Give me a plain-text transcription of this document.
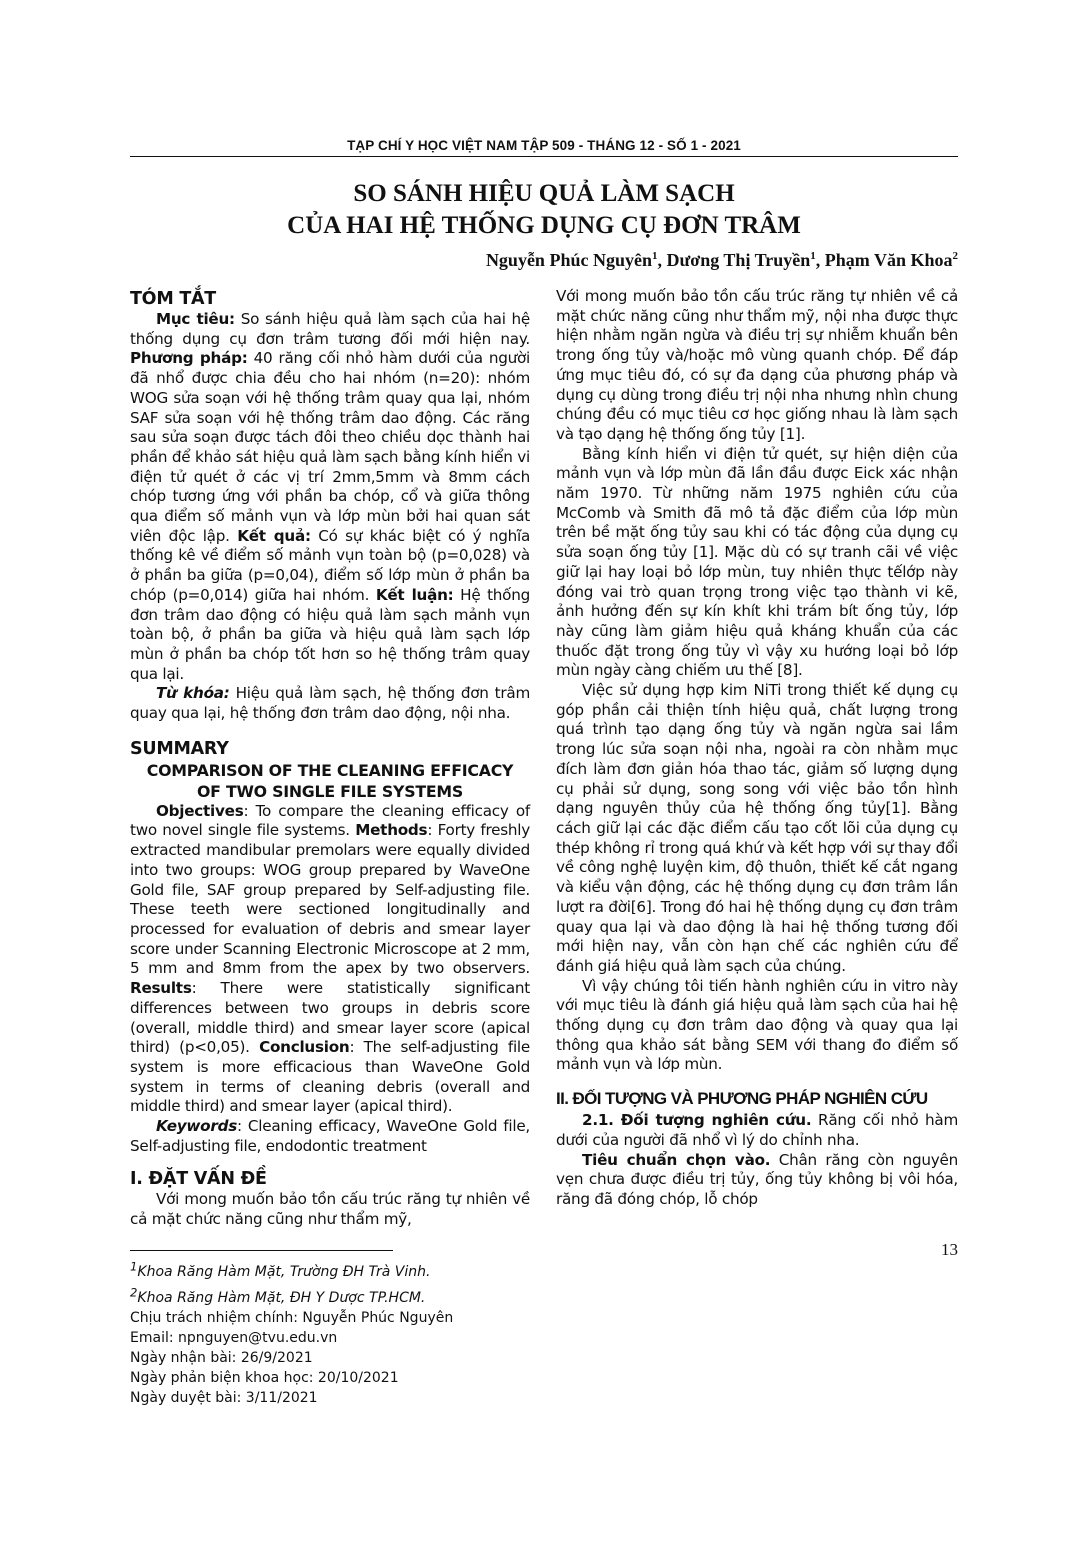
TẠP CHÍ Y HỌC VIỆT NAM TẬP 509 - THÁNG 12 - SỐ 1 - 2021
SO SÁNH HIỆU QUẢ LÀM SẠCH
CỦA HAI HỆ THỐNG DỤNG CỤ ĐƠN TRÂM
Nguyễn Phúc Nguyên$^1$, Dương Thị Truyền$^1$, Phạm Văn Khoa$^2$
TÓM TẮT

Mục tiêu: So sánh hiệu quả làm sạch của hai hệ thống dụng cụ đơn trâm tương đối mới hiện nay. Phương pháp: 40 răng cối nhỏ hàm dưới của người đã nhổ được chia đều cho hai nhóm (n=20): nhóm WOG sửa soạn với hệ thống trâm quay qua lại, nhóm SAF sửa soạn với hệ thống trâm dao động. Các răng sau sửa soạn được tách đôi theo chiều dọc thành hai phần để khảo sát hiệu quả làm sạch bằng kính hiển vi điện tử quét ở các vị trí 2mm,5mm và 8mm cách chóp tương ứng với phần ba chóp, cổ và giữa thông qua điểm số mảnh vụn và lớp mùn bởi hai quan sát viên độc lập. Kết quả: Có sự khác biệt có ý nghĩa thống kê về điểm số mảnh vụn toàn bộ (p=0,028) và ở phần ba giữa (p=0,04), điểm số lớp mùn ở phần ba chóp (p=0,014) giữa hai nhóm. Kết luận: Hệ thống đơn trâm dao động có hiệu quả làm sạch mảnh vụn toàn bộ, ở phần ba giữa và hiệu quả làm sạch lớp mùn ở phần ba chóp tốt hơn so hệ thống trâm quay qua lại.

Từ khóa: Hiệu quả làm sạch, hệ thống đơn trâm quay qua lại, hệ thống đơn trâm dao động, nội nha.

SUMMARY
COMPARISON OF THE CLEANING EFFICACY
OF TWO SINGLE FILE SYSTEMS

Objectives: To compare the cleaning efficacy of two novel single file systems. Methods: Forty freshly extracted mandibular premolars were equally divided into two groups: WOG group prepared by WaveOne Gold file, SAF group prepared by Self-adjusting file. These teeth were sectioned longitudinally and processed for evaluation of debris and smear layer score under Scanning Electronic Microscope at 2 mm, 5 mm and 8mm from the apex by two observers. Results: There were statistically significant differences between two groups in debris score (overall, middle third) and smear layer score (apical third) (p<0,05). Conclusion: The self-adjusting file system is more efficacious than WaveOne Gold system in terms of cleaning debris (overall and middle third) and smear layer (apical third).

Keywords: Cleaning efficacy, WaveOne Gold file, Self-adjusting file, endodontic treatment

I. ĐẶT VẤN ĐỀ

Với mong muốn bảo tồn cấu trúc răng tự nhiên về cả mặt chức năng cũng như thẩm mỹ,

$^1$Khoa Răng Hàm Mặt, Trường ĐH Trà Vinh.
$^2$Khoa Răng Hàm Mặt, ĐH Y Dược TP.HCM.
Chịu trách nhiệm chính: Nguyễn Phúc Nguyên
Email: npnguyen@tvu.edu.vn
Ngày nhận bài: 26/9/2021
Ngày phản biện khoa học: 20/10/2021
Ngày duyệt bài: 3/11/2021

Với mong muốn bảo tồn cấu trúc răng tự nhiên về cả mặt chức năng cũng như thẩm mỹ, nội nha được thực hiện nhằm ngăn ngừa và điều trị sự nhiễm khuẩn bên trong ống tủy và/hoặc mô vùng quanh chóp. Để đáp ứng mục tiêu đó, có sự đa dạng của phương pháp và dụng cụ dùng trong điều trị nội nha nhưng nhìn chung chúng đều có mục tiêu cơ học giống nhau là làm sạch và tạo dạng hệ thống ống tủy [1].

Bằng kính hiển vi điện tử quét, sự hiện diện của mảnh vụn và lớp mùn đã lần đầu được Eick xác nhận năm 1970. Từ những năm 1975 nghiên cứu của McComb và Smith đã mô tả đặc điểm của lớp mùn trên bề mặt ống tủy sau khi có tác động của dụng cụ sửa soạn ống tủy [1]. Mặc dù có sự tranh cãi về việc giữ lại hay loại bỏ lớp mùn, tuy nhiên thực tếlớp này đóng vai trò quan trọng trong việc tạo thành vi kẽ, ảnh hưởng đến sự kín khít khi trám bít ống tủy, lớp này cũng làm giảm hiệu quả kháng khuẩn của các thuốc đặt trong ống tủy vì vậy xu hướng loại bỏ lớp mùn ngày càng chiếm ưu thế [8].

Việc sử dụng hợp kim NiTi trong thiết kế dụng cụ góp phần cải thiện tính hiệu quả, chất lượng trong quá trình tạo dạng ống tủy và ngăn ngừa sai lầm trong lúc sửa soạn nội nha, ngoài ra còn nhằm mục đích làm đơn giản hóa thao tác, giảm số lượng dụng cụ phải sử dụng, song song với việc bảo tồn hình dạng nguyên thủy của hệ thống ống tủy[1]. Bằng cách giữ lại các đặc điểm cấu tạo cốt lõi của dụng cụ thép không rỉ trong quá khứ và kết hợp với sự thay đổi về công nghệ luyện kim, độ thuôn, thiết kế cắt ngang và kiểu vận động, các hệ thống dụng cụ đơn trâm lần lượt ra đời[6]. Trong đó hai hệ thống dụng cụ đơn trâm quay qua lại và dao động là hai hệ thống tương đối mới hiện nay, vẫn còn hạn chế các nghiên cứu để đánh giá hiệu quả làm sạch của chúng.

Vì vậy chúng tôi tiến hành nghiên cứu in vitro này với mục tiêu là đánh giá hiệu quả làm sạch của hai hệ thống dụng cụ đơn trâm dao động và quay qua lại thông qua khảo sát bằng SEM với thang đo điểm số mảnh vụn và lớp mùn.

II. ĐỐI TƯỢNG VÀ PHƯƠNG PHÁP NGHIÊN CỨU

2.1. Đối tượng nghiên cứu. Răng cối nhỏ hàm dưới của người đã nhổ vì lý do chỉnh nha.

Tiêu chuẩn chọn vào. Chân răng còn nguyên vẹn chưa được điều trị tủy, ống tủy không bị vôi hóa, răng đã đóng chóp, lỗ chóp

13
